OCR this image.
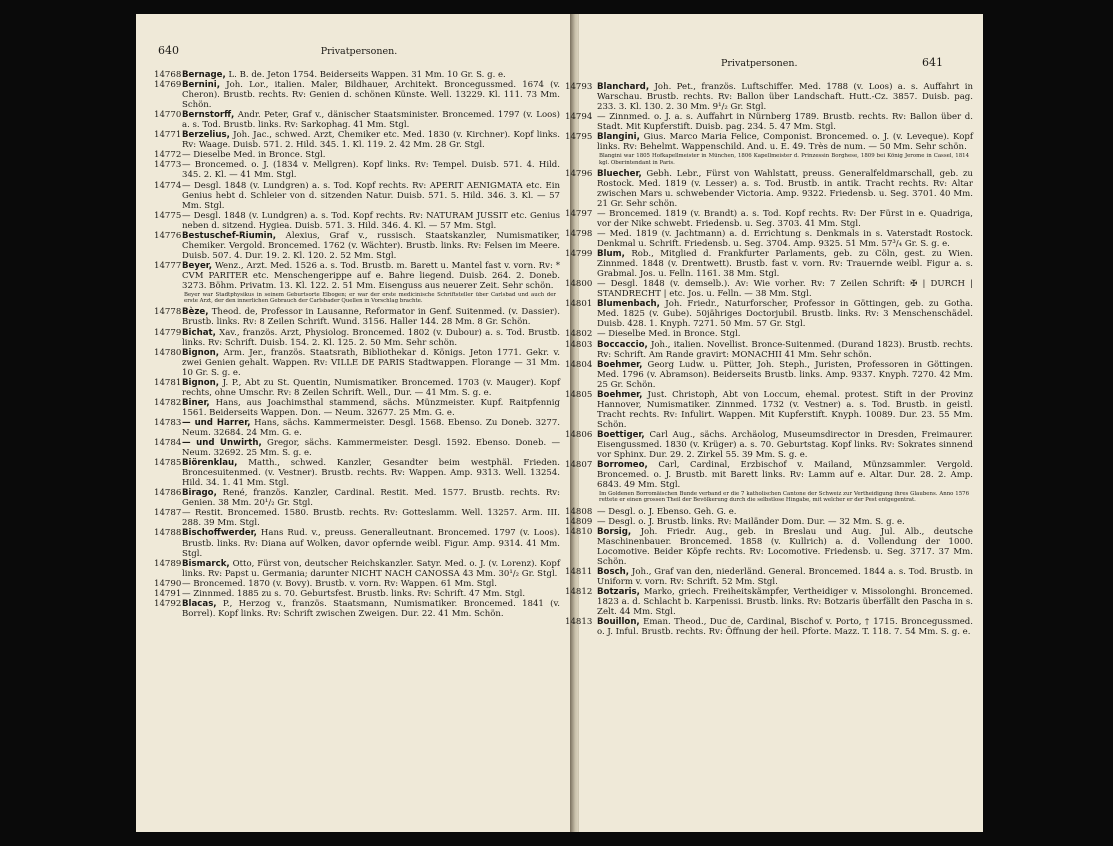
640	Privatpersonen.

14768 Bernage, L. B. de. Jeton 1754. Beiderseits Wappen. 31 Mm. 10 Gr. S. g. e.

14769 Bernini, Joh. Lor., italien. Maler, Bildhauer, Architekt. Broncegussmed. 1674 (v. Cheron). Brustb. rechts. Rv: Genien d. schönen Künste. Well. 13229. Kl. 111. 73 Mm. Schön.

14770 Bernstorff, Andr. Peter, Graf v., dänischer Staatsminister. Broncemed. 1797 (v. Loos) a. s. Tod. Brustb. links. Rv: Sarkophag. 41 Mm. Stgl.

14771 Berzelius, Joh. Jac., schwed. Arzt, Chemiker etc. Med. 1830 (v. Kirchner). Kopf links. Rv: Waage. Duisb. 571. 2. Hild. 345. 1. Kl. 119. 2. 42 Mm. 28 Gr. Stgl.

14772 — Dieselbe Med. in Bronce. Stgl.

14773 — Broncemed. o. J. (1834 v. Mellgren). Kopf links. Rv: Tempel. Duisb. 571. 4. Hild. 345. 2. Kl. — 41 Mm. Stgl.

14774 — Desgl. 1848 (v. Lundgren) a. s. Tod. Kopf rechts. Rv: APERIT AENIGMATA etc. Ein Genius hebt d. Schleier von d. sitzenden Natur. Duisb. 571. 5. Hild. 346. 3. Kl. — 57 Mm. Stgl.

14775 — Desgl. 1848 (v. Lundgren) a. s. Tod. Kopf rechts. Rv: NATURAM JUSSIT etc. Genius neben d. sitzend. Hygiea. Duisb. 571. 3. Hild. 346. 4. Kl. — 57 Mm. Stgl.

14776 Bestuschef-Riumin, Alexius, Graf v., russisch. Staatskanzler, Numismatiker, Chemiker. Vergold. Broncemed. 1762 (v. Wächter). Brustb. links. Rv: Felsen im Meere. Duisb. 507. 4. Dur. 19. 2. Kl. 120. 2. 52 Mm. Stgl.

14777 Beyer, Wenz., Arzt. Med. 1526 a. s. Tod. Brustb. m. Barett u. Mantel fast v. vorn. Rv: * CVM PARITER etc. Menschengerippe auf e. Bahre liegend. Duisb. 264. 2. Doneb. 3273. Böhm. Privatm. 13. Kl. 122. 2. 51 Mm. Eisenguss aus neuerer Zeit. Sehr schön.

Beyer war Stadtphysikus in seinem Geburtsorte Elbogen; er war der erste medicinische Schriftsteller über Carlsbad und auch der erste Arzt, der den innerlichen Gebrauch der Carlsbader Quellen in Vorschlag brachte.

14778 Bèze, Theod. de, Professor in Lausanne, Reformator in Genf. Suitenmed. (v. Dassier). Brustb. links. Rv: 8 Zeilen Schrift. Wund. 3156. Haller 144. 28 Mm. 8 Gr. Schön.

14779 Bichat, Xav., französ. Arzt, Physiolog. Broncemed. 1802 (v. Dubour) a. s. Tod. Brustb. links. Rv: Schrift. Duisb. 154. 2. Kl. 125. 2. 50 Mm. Sehr schön.

14780 Bignon, Arm. Jer., französ. Staatsrath, Bibliothekar d. Königs. Jeton 1771. Gekr. v. zwei Genien gehalt. Wappen. Rv: VILLE DE PARIS Stadtwappen. Florange — 31 Mm. 10 Gr. S. g. e.

14781 Bignon, J. P., Abt zu St. Quentin, Numismatiker. Broncemed. 1703 (v. Mauger). Kopf rechts, ohne Umschr. Rv: 8 Zeilen Schrift. Well., Dur. — 41 Mm. S. g. e.

14782 Biner, Hans, aus Joachimsthal stammend, sächs. Münzmeister. Kupf. Raitpfennig 1561. Beiderseits Wappen. Don. — Neum. 32677. 25 Mm. G. e.

14783 — und Harrer, Hans, sächs. Kammermeister. Desgl. 1568. Ebenso. Zu Doneb. 3277. Neum. 32684. 24 Mm. G. e.

14784 — und Unwirth, Gregor, sächs. Kammermeister. Desgl. 1592. Ebenso. Doneb. — Neum. 32692. 25 Mm. S. g. e.

14785 Biörenklau, Matth., schwed. Kanzler, Gesandter beim westphäl. Frieden. Broncesuitenmed. (v. Vestner). Brustb. rechts. Rv: Wappen. Amp. 9313. Well. 13254. Hild. 34. 1. 41 Mm. Stgl.

14786 Birago, René, französ. Kanzler, Cardinal. Restit. Med. 1577. Brustb. rechts. Rv: Genien. 38 Mm. 20¹/₂ Gr. Stgl.

14787 — Restit. Broncemed. 1580. Brustb. rechts. Rv: Gotteslamm. Well. 13257. Arm. III. 288. 39 Mm. Stgl.

14788 Bischoffwerder, Hans Rud. v., preuss. Generalleutnant. Broncemed. 1797 (v. Loos). Brustb. links. Rv: Diana auf Wolken, davor opfernde weibl. Figur. Amp. 9314. 41 Mm. Stgl.

14789 Bismarck, Otto, Fürst von, deutscher Reichskanzler. Satyr. Med. o. J. (v. Lorenz). Kopf links. Rv: Papst u. Germania; darunter NICHT NACH CANOSSA 43 Mm. 30¹/₂ Gr. Stgl.

14790 — Broncemed. 1870 (v. Bovy). Brustb. v. vorn. Rv: Wappen. 61 Mm. Stgl.

14791 — Zinnmed. 1885 zu s. 70. Geburtsfest. Brustb. links. Rv: Schrift. 47 Mm. Stgl.

14792 Blacas, P., Herzog v., französ. Staatsmann, Numismatiker. Broncemed. 1841 (v. Borrel). Kopf links. Rv: Schrift zwischen Zweigen. Dur. 22. 41 Mm. Schön.

Privatpersonen.	641

14793 Blanchard, Joh. Pet., französ. Luftschiffer. Med. 1788 (v. Loos) a. s. Auffahrt in Warschau. Brustb. rechts. Rv: Ballon über Landschaft. Hutt.-Cz. 3857. Duisb. pag. 233. 3. Kl. 130. 2. 30 Mm. 9¹/₂ Gr. Stgl.

14794 — Zinnmed. o. J. a. s. Auffahrt in Nürnberg 1789. Brustb. rechts. Rv: Ballon über d. Stadt. Mit Kupferstift. Duisb. pag. 234. 5. 47 Mm. Stgl.

14795 Blangini, Gius. Marco Maria Felice, Componist. Broncemed. o. J. (v. Leveque). Kopf links. Rv: Behelmt. Wappenschild. And. u. E. 49. Très de num. — 50 Mm. Sehr schön.

Blangini war 1805 Hofkapellmeister in München, 1806 Kapellmeister d. Prinzessin Borghese, 1809 bei König Jerome in Cassel, 1814 kgl. Oberintendant in Paris.

14796 Bluecher, Gebh. Lebr., Fürst von Wahlstatt, preuss. Generalfeldmarschall, geb. zu Rostock. Med. 1819 (v. Lesser) a. s. Tod. Brustb. in antik. Tracht rechts. Rv: Altar zwischen Mars u. schwebender Victoria. Amp. 9322. Friedensb. u. Seg. 3701. 40 Mm. 21 Gr. Sehr schön.

14797 — Broncemed. 1819 (v. Brandt) a. s. Tod. Kopf rechts. Rv: Der Fürst in e. Quadriga, vor der Nike schwebt. Friedensb. u. Seg. 3703. 41 Mm. Stgl.

14798 — Med. 1819 (v. Jachtmann) a. d. Errichtung s. Denkmals in s. Vaterstadt Rostock. Denkmal u. Schrift. Friedensb. u. Seg. 3704. Amp. 9325. 51 Mm. 57³/₄ Gr. S. g. e.

14799 Blum, Rob., Mitglied d. Frankfurter Parlaments, geb. zu Cöln, gest. zu Wien. Zinnmed. 1848 (v. Drentwett). Brustb. fast v. vorn. Rv: Trauernde weibl. Figur a. s. Grabmal. Jos. u. Felln. 1161. 38 Mm. Stgl.

14800 — Desgl. 1848 (v. demselb.). Av: Wie vorher. Rv: 7 Zeilen Schrift: ✠ | DURCH | STANDRECHT | etc. Jos. u. Felln. — 38 Mm. Stgl.

14801 Blumenbach, Joh. Friedr., Naturforscher, Professor in Göttingen, geb. zu Gotha. Med. 1825 (v. Gube). 50jähriges Doctorjubil. Brustb. links. Rv: 3 Menschenschädel. Duisb. 428. 1. Knyph. 7271. 50 Mm. 57 Gr. Stgl.

14802 — Dieselbe Med. in Bronce. Stgl.

14803 Boccaccio, Joh., italien. Novellist. Bronce-Suitenmed. (Durand 1823). Brustb. rechts. Rv: Schrift. Am Rande gravirt: MONACHII 41 Mm. Sehr schön.

14804 Boehmer, Georg Ludw. u. Pütter, Joh. Steph., Juristen, Professoren in Göttingen. Med. 1796 (v. Abramson). Beiderseits Brustb. links. Amp. 9337. Knyph. 7270. 42 Mm. 25 Gr. Schön.

14805 Boehmer, Just. Christoph, Abt von Loccum, ehemal. protest. Stift in der Provinz Hannover, Numismatiker. Zinnmed. 1732 (v. Vestner) a. s. Tod. Brustb. in geistl. Tracht rechts. Rv: Infulirt. Wappen. Mit Kupferstift. Knyph. 10089. Dur. 23. 55 Mm. Schön.

14806 Boettiger, Carl Aug., sächs. Archäolog, Museumsdirector in Dresden, Freimaurer. Eisengussmed. 1830 (v. Krüger) a. s. 70. Geburtstag. Kopf links. Rv: Sokrates sinnend vor Sphinx. Dur. 29. 2. Zirkel 55. 39 Mm. S. g. e.

14807 Borromeo, Carl, Cardinal, Erzbischof v. Mailand, Münzsammler. Vergold. Broncemed. o. J. Brustb. mit Barett links. Rv: Lamm auf e. Altar. Dur. 28. 2. Amp. 6843. 49 Mm. Stgl.

Im Goldenen Borromäischen Bunde verband er die 7 katholischen Cantone der Schweiz zur Vertheidigung ihres Glaubens. Anno 1576 rettete er einen grossen Theil der Bevölkerung durch die selbstlose Hingabe, mit welcher er der Pest entgegentrat.

14808 — Desgl. o. J. Ebenso. Geh. G. e.

14809 — Desgl. o. J. Brustb. links. Rv: Mailänder Dom. Dur. — 32 Mm. S. g. e.

14810 Borsig, Joh. Friedr. Aug., geb. in Breslau und Aug. Jul. Alb., deutsche Maschinenbauer. Broncemed. 1858 (v. Kullrich) a. d. Vollendung der 1000. Locomotive. Beider Köpfe rechts. Rv: Locomotive. Friedensb. u. Seg. 3717. 37 Mm. Schön.

14811 Bosch, Joh., Graf van den, niederländ. General. Broncemed. 1844 a. s. Tod. Brustb. in Uniform v. vorn. Rv: Schrift. 52 Mm. Stgl.

14812 Botzaris, Marko, griech. Freiheitskämpfer, Vertheidiger v. Missolonghi. Broncemed. 1823 a. d. Schlacht b. Karpenissi. Brustb. links. Rv: Botzaris überfällt den Pascha in s. Zelt. 44 Mm. Stgl.

14813 Bouillon, Eman. Theod., Duc de, Cardinal, Bischof v. Porto, † 1715. Broncegussmed. o. J. Inful. Brustb. rechts. Rv: Öffnung der heil. Pforte. Mazz. T. 118. 7. 54 Mm. S. g. e.
